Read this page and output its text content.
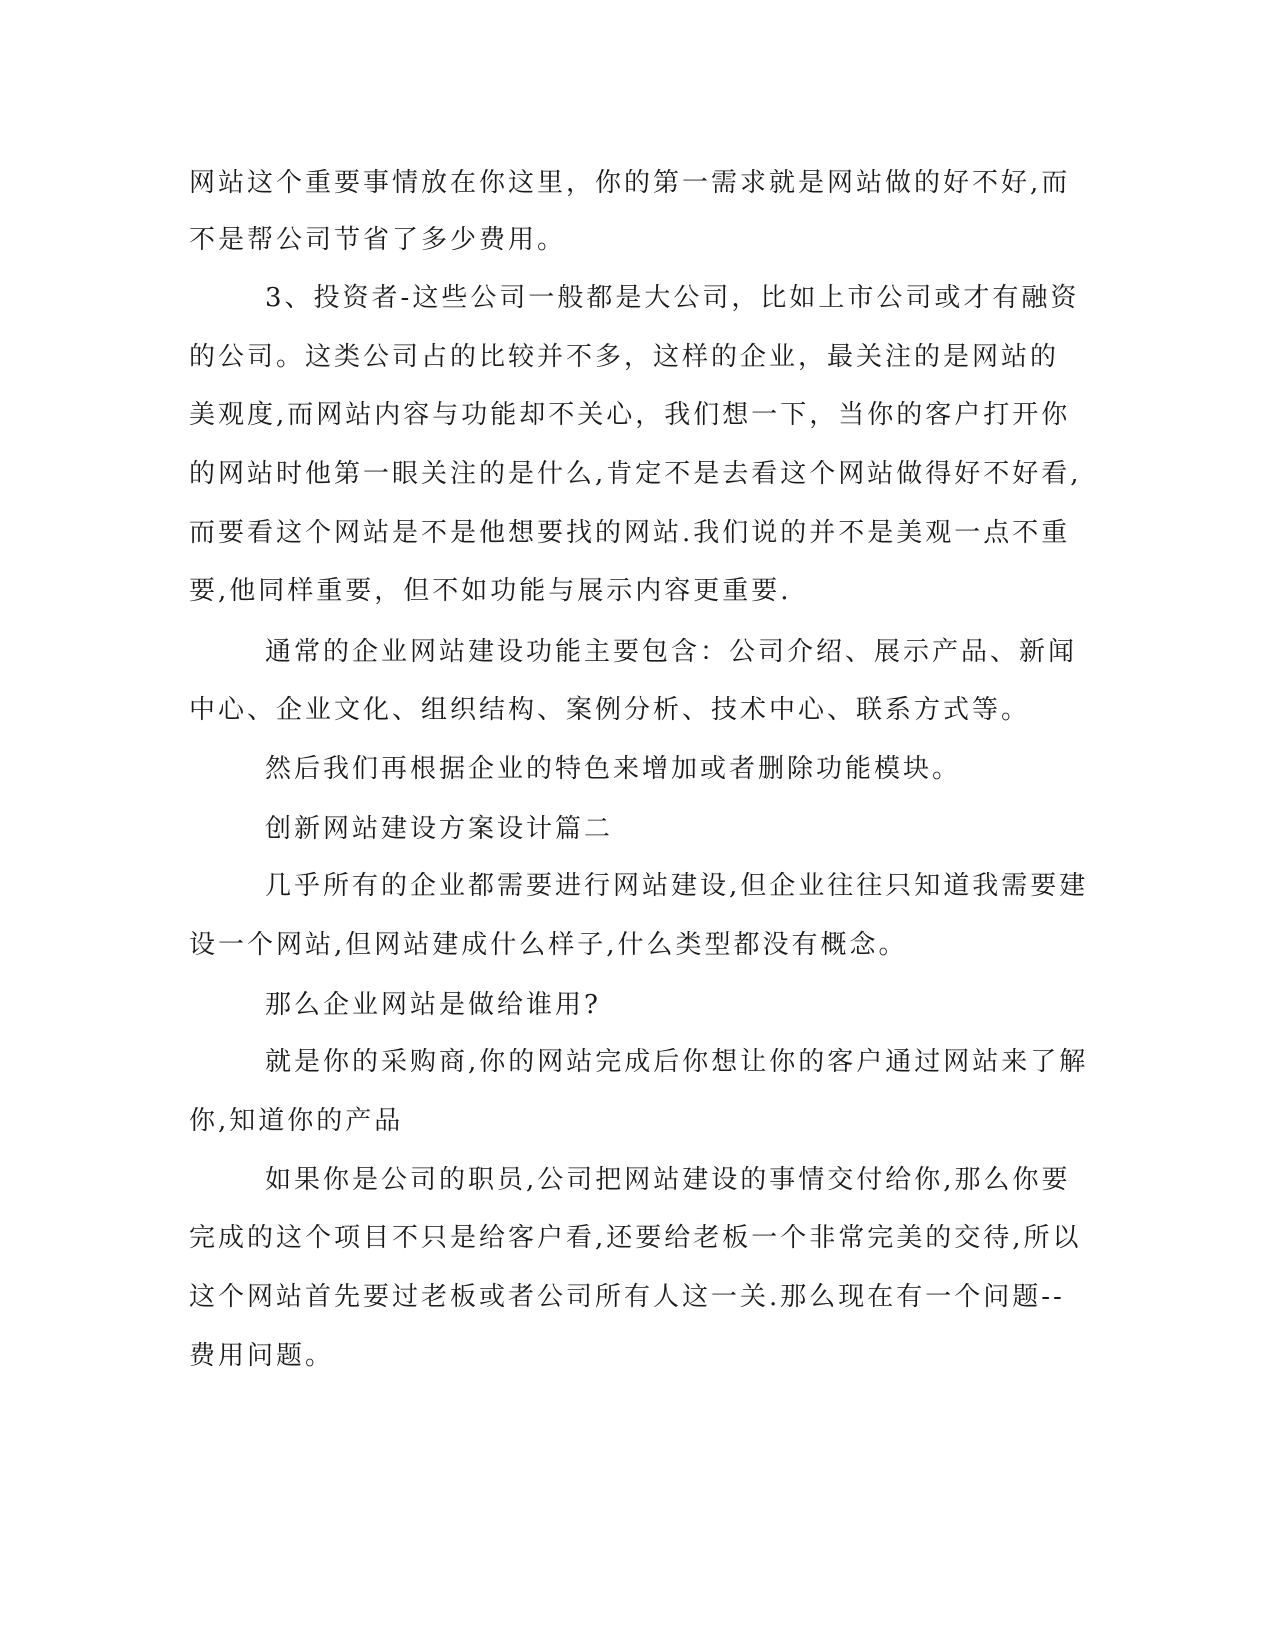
网站这个重要事情放在你这里，你的第一需求就是网站做的好不好,而
不是帮公司节省了多少费用。
3、投资者-这些公司一般都是大公司，比如上市公司或才有融资
的公司。这类公司占的比较并不多，这样的企业，最关注的是网站的
美观度,而网站内容与功能却不关心，我们想一下，当你的客户打开你
的网站时他第一眼关注的是什么,肯定不是去看这个网站做得好不好看,
而要看这个网站是不是他想要找的网站.我们说的并不是美观一点不重
要,他同样重要，但不如功能与展示内容更重要.
通常的企业网站建设功能主要包含：公司介绍、展示产品、新闻
中心、企业文化、组织结构、案例分析、技术中心、联系方式等。
然后我们再根据企业的特色来增加或者删除功能模块。
创新网站建设方案设计篇二
几乎所有的企业都需要进行网站建设,但企业往往只知道我需要建
设一个网站,但网站建成什么样子,什么类型都没有概念。
那么企业网站是做给谁用?
就是你的采购商,你的网站完成后你想让你的客户通过网站来了解
你,知道你的产品
如果你是公司的职员,公司把网站建设的事情交付给你,那么你要
完成的这个项目不只是给客户看,还要给老板一个非常完美的交待,所以
这个网站首先要过老板或者公司所有人这一关.那么现在有一个问题--
费用问题。
